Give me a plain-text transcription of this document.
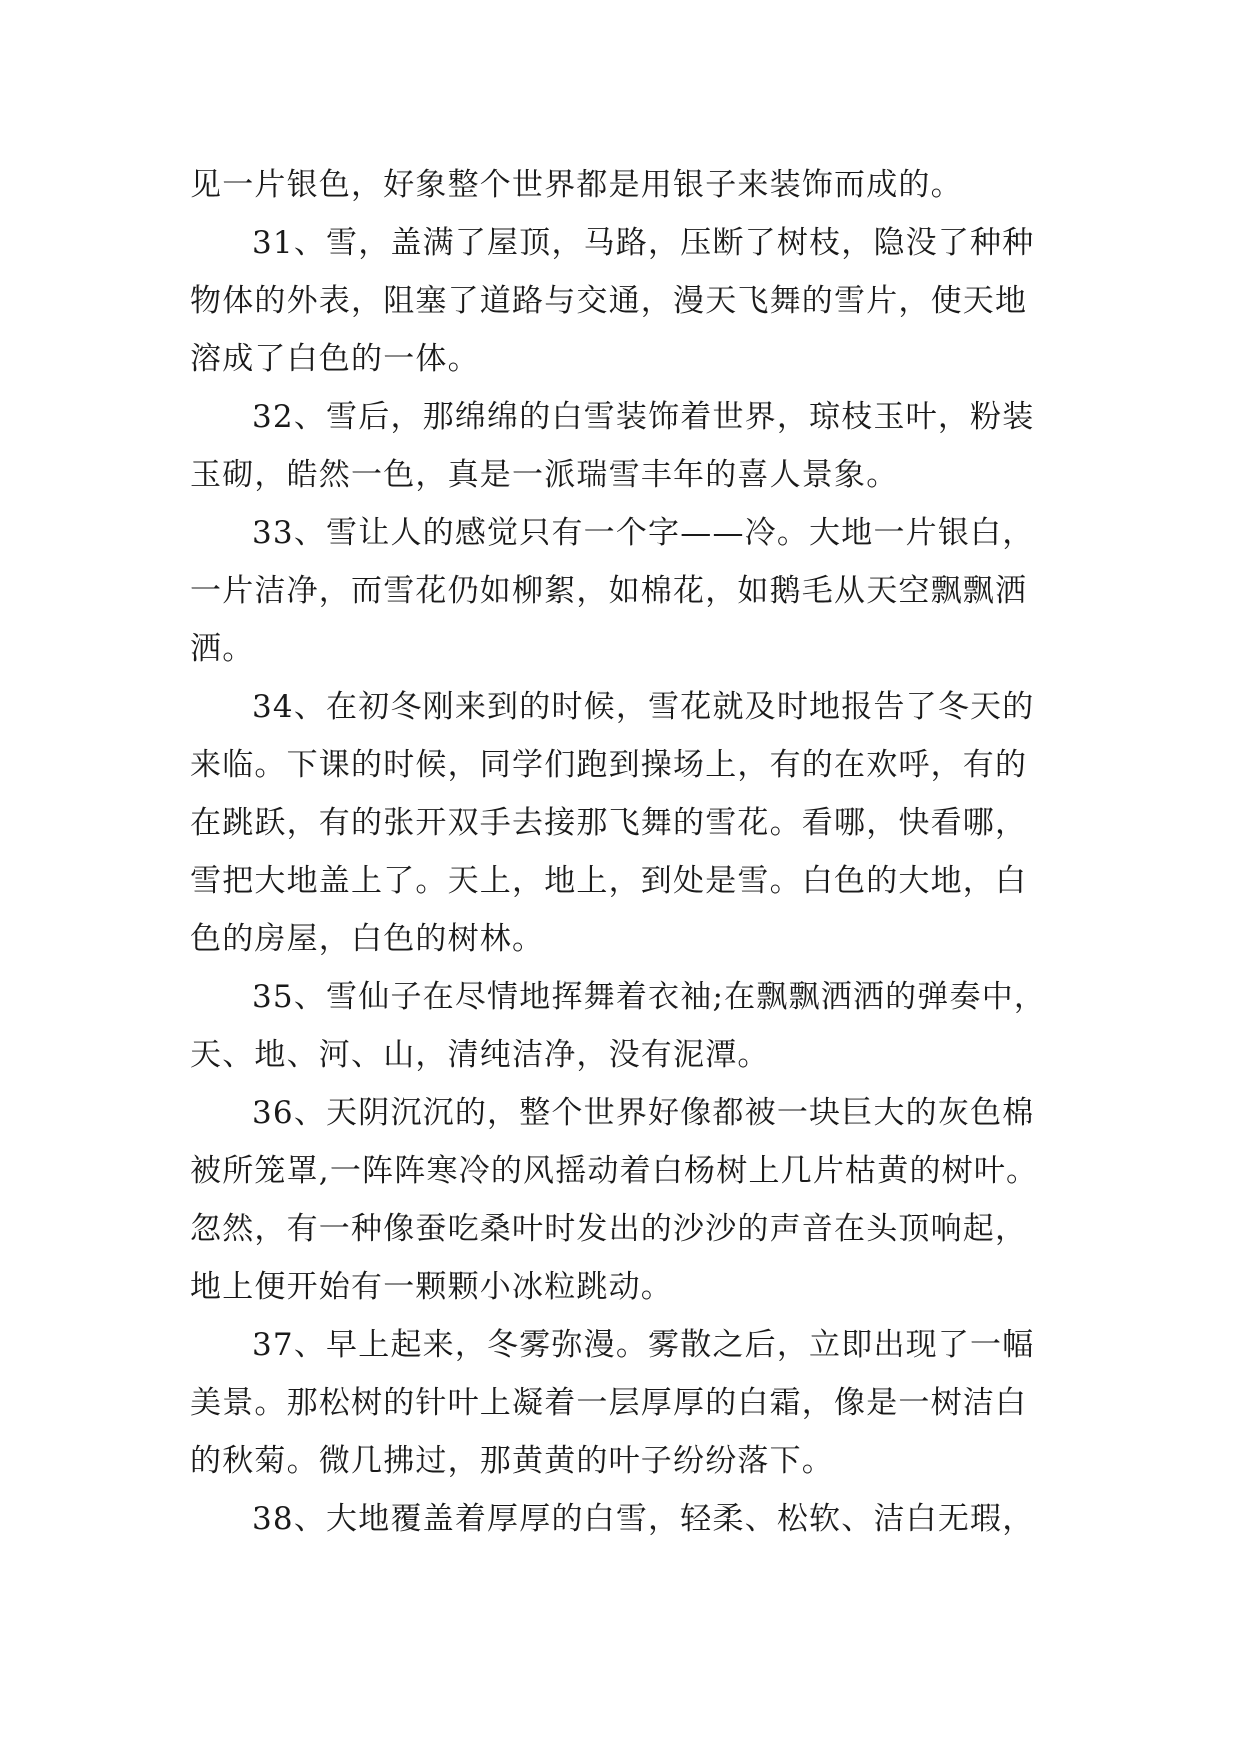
见一片银色，好象整个世界都是用银子来装饰而成的。

31、雪，盖满了屋顶，马路，压断了树枝，隐没了种种

物体的外表，阻塞了道路与交通，漫天飞舞的雪片，使天地

溶成了白色的一体。

32、雪后，那绵绵的白雪装饰着世界，琼枝玉叶，粉装

玉砌，皓然一色，真是一派瑞雪丰年的喜人景象。

33、雪让人的感觉只有一个字——冷。大地一片银白，

一片洁净，而雪花仍如柳絮，如棉花，如鹅毛从天空飘飘洒

洒。

34、在初冬刚来到的时候，雪花就及时地报告了冬天的

来临。下课的时候，同学们跑到操场上，有的在欢呼，有的

在跳跃，有的张开双手去接那飞舞的雪花。看哪，快看哪，

雪把大地盖上了。天上，地上，到处是雪。白色的大地，白

色的房屋，白色的树林。

35、雪仙子在尽情地挥舞着衣袖;在飘飘洒洒的弹奏中，

天、地、河、山，清纯洁净，没有泥潭。

36、天阴沉沉的，整个世界好像都被一块巨大的灰色棉

被所笼罩,一阵阵寒冷的风摇动着白杨树上几片枯黄的树叶。

忽然，有一种像蚕吃桑叶时发出的沙沙的声音在头顶响起，

地上便开始有一颗颗小冰粒跳动。

37、早上起来，冬雾弥漫。雾散之后，立即出现了一幅

美景。那松树的针叶上凝着一层厚厚的白霜，像是一树洁白

的秋菊。微几拂过，那黄黄的叶子纷纷落下。

38、大地覆盖着厚厚的白雪，轻柔、松软、洁白无瑕，
